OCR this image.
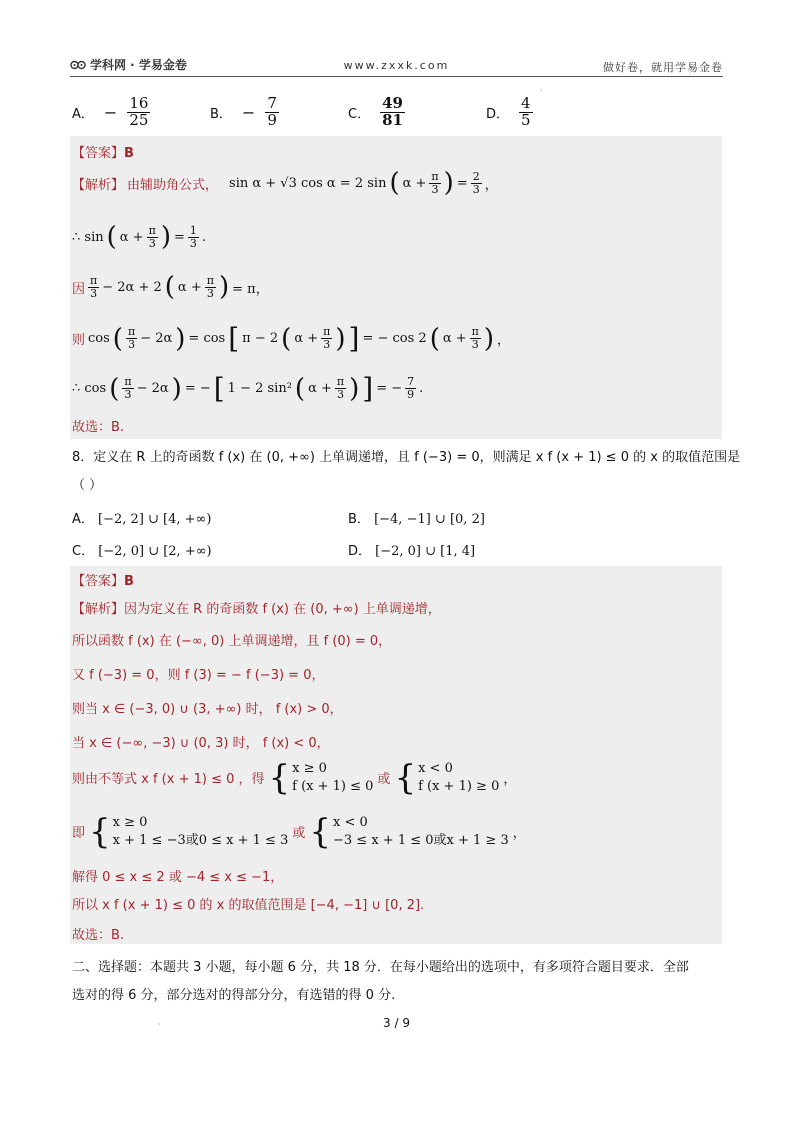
学科网 · 学易金卷	www.zxxk.com	做好卷，就用学易金卷
A． − $\frac{16}{25}$	B． − $\frac{7}{9}$	C． $\frac{49}{81}$	D． $\frac{4}{5}$
'
【答案】B
【解析】 由辅助角公式， sin α + √3 cos α = 2 sin ( $\alpha + \frac{\pi}{3}$ ) = $\frac{2}{3}$ ，
∴ sin ( $\alpha + \frac{\pi}{3}$ ) = $\frac{1}{3}$ .
因 $\frac{\pi}{3} - 2\alpha + 2$ ( $\alpha + \frac{\pi}{3}$ ) = π，
则 cos ( $\frac{\pi}{3} - 2\alpha$ ) = cos [ π − 2 ( $\alpha + \frac{\pi}{3}$ ) ] = − cos 2 ( $\alpha + \frac{\pi}{3}$ ) ，
∴ cos ( $\frac{\pi}{3} - 2\alpha$ ) = − [ 1 − 2 sin² ( $\alpha + \frac{\pi}{3}$ ) ] = − $\frac{7}{9}$ .
故选：B.
8．定义在 R 上的奇函数 f (x) 在 (0, +∞) 上单调递增，且 f (−3) = 0，则满足 x f (x + 1) ≤ 0 的 x 的取值范围是
（ ）
A． [−2, 2] ∪ [4, +∞)	B． [−4, −1] ∪ [0, 2]
C． [−2, 0] ∪ [2, +∞)	D． [−2, 0] ∪ [1, 4]
【答案】B
【解析】因为定义在 R 的奇函数 f (x) 在 (0, +∞) 上单调递增，
所以函数 f (x) 在 (−∞, 0) 上单调递增，且 f (0) = 0，
又 f (−3) = 0，则 f (3) = − f (−3) = 0，
则当 x ∈ (−3, 0) ∪ (3, +∞) 时， f (x) > 0，
当 x ∈ (−∞, −3) ∪ (0, 3) 时， f (x) < 0，
则由不等式 x f (x + 1) ≤ 0 ，得 { x ≥ 0
f (x + 1) ≤ 0 或 { x < 0
f (x + 1) ≥ 0 ，
即 { x ≥ 0
x + 1 ≤ −3或0 ≤ x + 1 ≤ 3 或 { x < 0
−3 ≤ x + 1 ≤ 0或x + 1 ≥ 3 ，
解得 0 ≤ x ≤ 2 或 −4 ≤ x ≤ −1，
所以 x f (x + 1) ≤ 0 的 x 的取值范围是 [−4, −1] ∪ [0, 2].
故选：B.
二、选择题：本题共 3 小题，每小题 6 分，共 18 分．在每小题给出的选项中，有多项符合题目要求．全部
选对的得 6 分，部分选对的得部分分，有选错的得 0 分.
'	3 / 9
